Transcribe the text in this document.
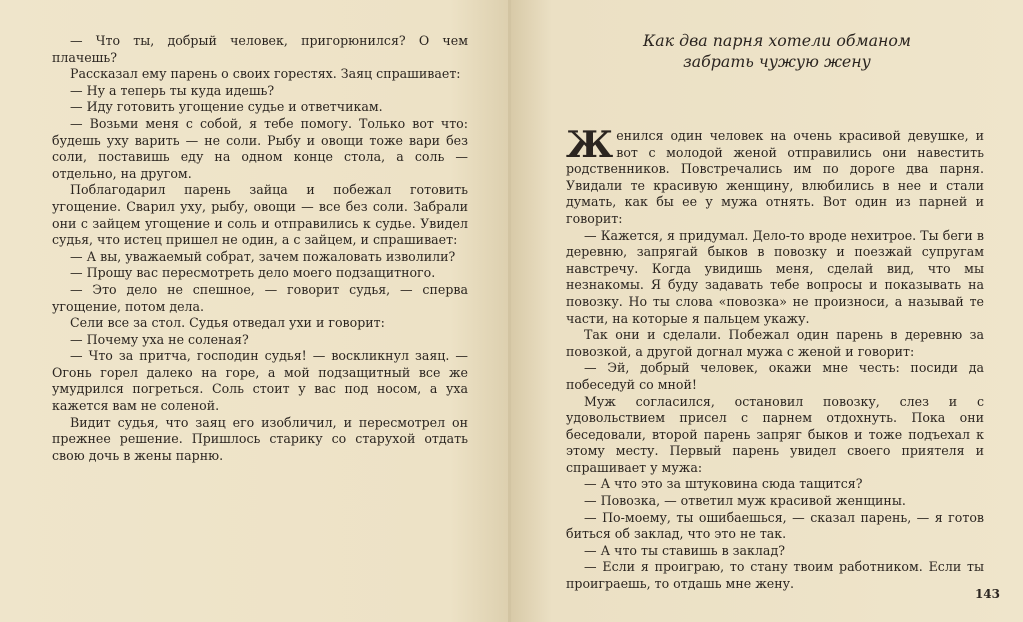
— Что ты, добрый человек, пригорюнился? О чем плачешь?

Рассказал ему парень о своих горестях. Заяц спрашивает:

— Ну а теперь ты куда идешь?

— Иду готовить угощение судье и ответчикам.

— Возьми меня с собой, я тебе помогу. Только вот что: будешь уху варить — не соли. Рыбу и овощи тоже вари без соли, поставишь еду на одном конце стола, а соль — отдельно, на другом.

Поблагодарил парень зайца и побежал готовить угощение. Сварил уху, рыбу, овощи — все без соли. Забрали они с зайцем угощение и соль и отправились к судье. Увидел судья, что истец пришел не один, а с зайцем, и спрашивает:

— А вы, уважаемый собрат, зачем пожаловать изволили?

— Прошу вас пересмотреть дело моего подзащитного.

— Это дело не спешное, — говорит судья, — сперва угощение, потом дела.

Сели все за стол. Судья отведал ухи и говорит:

— Почему уха не соленая?

— Что за притча, господин судья! — воскликнул заяц. — Огонь горел далеко на горе, а мой подзащитный все же умудрился погреться. Соль стоит у вас под носом, а уха кажется вам не соленой.

Видит судья, что заяц его изобличил, и пересмотрел он прежнее решение. Пришлось старику со старухой отдать свою дочь в жены парню.

Как два парня хотели обманом
забрать чужую жену

Женился один человек на очень красивой девушке, и вот с молодой женой отправились они навестить родственников. Повстречались им по дороге два парня. Увидали те красивую женщину, влюбились в нее и стали думать, как бы ее у мужа отнять. Вот один из парней и говорит:

— Кажется, я придумал. Дело-то вроде нехитрое. Ты беги в деревню, запрягай быков в повозку и поезжай супругам навстречу. Когда увидишь меня, сделай вид, что мы незнакомы. Я буду задавать тебе вопросы и показывать на повозку. Но ты слова «повозка» не произноси, а называй те части, на которые я пальцем укажу.

Так они и сделали. Побежал один парень в деревню за повозкой, а другой догнал мужа с женой и говорит:

— Эй, добрый человек, окажи мне честь: посиди да побеседуй со мной!

Муж согласился, остановил повозку, слез и с удовольствием присел с парнем отдохнуть. Пока они беседовали, второй парень запряг быков и тоже подъехал к этому месту. Первый парень увидел своего приятеля и спрашивает у мужа:

— А что это за штуковина сюда тащится?

— Повозка, — ответил муж красивой женщины.

— По-моему, ты ошибаешься, — сказал парень, — я готов биться об заклад, что это не так.

— А что ты ставишь в заклад?

— Если я проиграю, то стану твоим работником. Если ты проиграешь, то отдашь мне жену.

143
